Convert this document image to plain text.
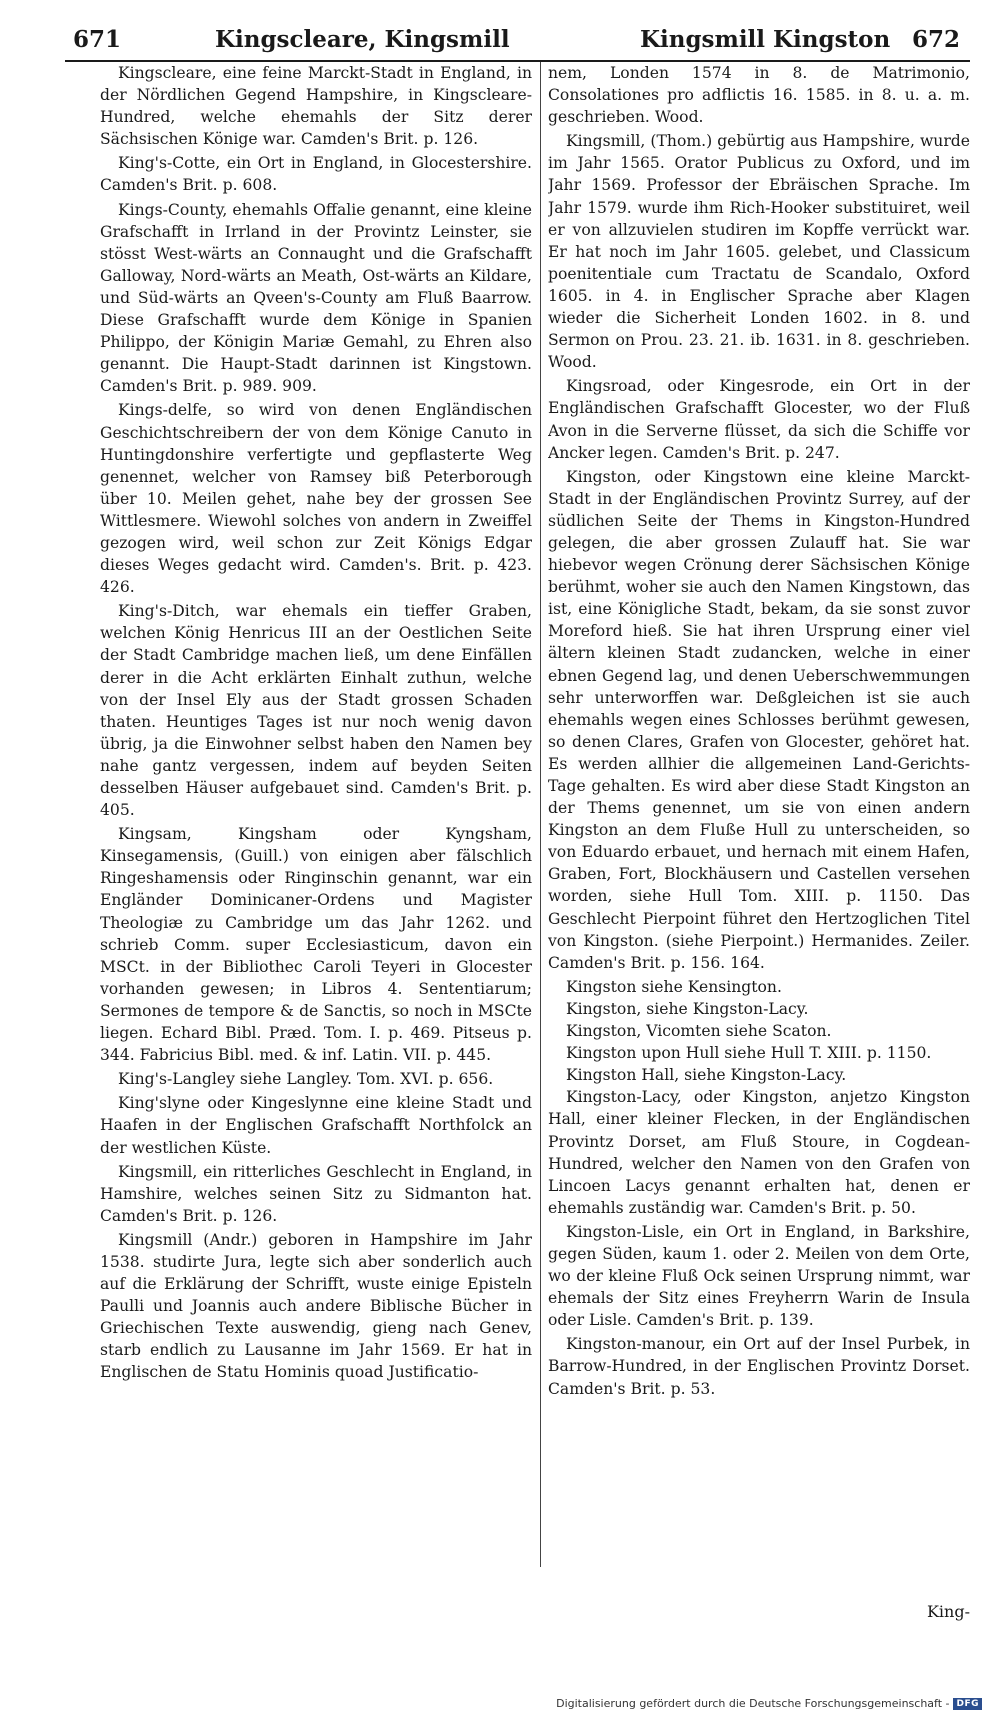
671	Kingscleare, Kingsmill	Kingsmill Kingston 672

Kingscleare, eine feine Marckt-Stadt in England, in der Nördlichen Gegend Hampshire, in Kingscleare-Hundred, welche ehemahls der Sitz derer Sächsischen Könige war. Camden's Brit. p. 126.

King's-Cotte, ein Ort in England, in Glocestershire. Camden's Brit. p. 608.

Kings-County, ehemahls Offalie genannt, eine kleine Grafschafft in Irrland in der Provintz Leinster, sie stösst West-wärts an Connaught und die Grafschafft Galloway, Nord-wärts an Meath, Ost-wärts an Kildare, und Süd-wärts an Qveen's-County am Fluß Baarrow. Diese Grafschafft wurde dem Könige in Spanien Philippo, der Königin Mariæ Gemahl, zu Ehren also genannt. Die Haupt-Stadt darinnen ist Kingstown. Camden's Brit. p. 989. 909.

Kings-delfe, so wird von denen Engländischen Geschichtschreibern der von dem Könige Canuto in Huntingdonshire verfertigte und gepflasterte Weg genennet, welcher von Ramsey biß Peterborough über 10. Meilen gehet, nahe bey der grossen See Wittlesmere. Wiewohl solches von andern in Zweiffel gezogen wird, weil schon zur Zeit Königs Edgar dieses Weges gedacht wird. Camden's. Brit. p. 423. 426.

King's-Ditch, war ehemals ein tieffer Graben, welchen König Henricus III an der Oestlichen Seite der Stadt Cambridge machen ließ, um dene Einfällen derer in die Acht erklärten Einhalt zuthun, welche von der Insel Ely aus der Stadt grossen Schaden thaten. Heuntiges Tages ist nur noch wenig davon übrig, ja die Einwohner selbst haben den Namen bey nahe gantz vergessen, indem auf beyden Seiten desselben Häuser aufgebauet sind. Camden's Brit. p. 405.

Kingsam, Kingsham oder Kyngsham, Kinsegamensis, (Guill.) von einigen aber fälschlich Ringeshamensis oder Ringinschin genannt, war ein Engländer Dominicaner-Ordens und Magister Theologiæ zu Cambridge um das Jahr 1262. und schrieb Comm. super Ecclesiasticum, davon ein MSCt. in der Bibliothec Caroli Teyeri in Glocester vorhanden gewesen; in Libros 4. Sententiarum; Sermones de tempore & de Sanctis, so noch in MSCte liegen. Echard Bibl. Præd. Tom. I. p. 469. Pitseus p. 344. Fabricius Bibl. med. & inf. Latin. VII. p. 445.

King's-Langley siehe Langley. Tom. XVI. p. 656.

King'slyne oder Kingeslynne eine kleine Stadt und Haafen in der Englischen Grafschafft Northfolck an der westlichen Küste.

Kingsmill, ein ritterliches Geschlecht in England, in Hamshire, welches seinen Sitz zu Sidmanton hat. Camden's Brit. p. 126.

Kingsmill (Andr.) geboren in Hampshire im Jahr 1538. studirte Jura, legte sich aber sonderlich auch auf die Erklärung der Schrifft, wuste einige Episteln Paulli und Joannis auch andere Biblische Bücher in Griechischen Texte auswendig, gieng nach Genev, starb endlich zu Lausanne im Jahr 1569. Er hat in Englischen de Statu Hominis quoad Justificatio-

nem, Londen 1574 in 8. de Matrimonio, Consolationes pro adflictis 16. 1585. in 8. u. a. m. geschrieben. Wood.

Kingsmill, (Thom.) gebürtig aus Hampshire, wurde im Jahr 1565. Orator Publicus zu Oxford, und im Jahr 1569. Professor der Ebräischen Sprache. Im Jahr 1579. wurde ihm Rich-Hooker substituiret, weil er von allzuvielen studiren im Kopffe verrückt war. Er hat noch im Jahr 1605. gelebet, und Classicum poenitentiale cum Tractatu de Scandalo, Oxford 1605. in 4. in Englischer Sprache aber Klagen wieder die Sicherheit Londen 1602. in 8. und Sermon on Prou. 23. 21. ib. 1631. in 8. geschrieben. Wood.

Kingsroad, oder Kingesrode, ein Ort in der Engländischen Grafschafft Glocester, wo der Fluß Avon in die Serverne flüsset, da sich die Schiffe vor Ancker legen. Camden's Brit. p. 247.

Kingston, oder Kingstown eine kleine Marckt-Stadt in der Engländischen Provintz Surrey, auf der südlichen Seite der Thems in Kingston-Hundred gelegen, die aber grossen Zulauff hat. Sie war hiebevor wegen Crönung derer Sächsischen Könige berühmt, woher sie auch den Namen Kingstown, das ist, eine Königliche Stadt, bekam, da sie sonst zuvor Moreford hieß. Sie hat ihren Ursprung einer viel ältern kleinen Stadt zudancken, welche in einer ebnen Gegend lag, und denen Ueberschwemmungen sehr unterworffen war. Deßgleichen ist sie auch ehemahls wegen eines Schlosses berühmt gewesen, so denen Clares, Grafen von Glocester, gehöret hat. Es werden allhier die allgemeinen Land-Gerichts-Tage gehalten. Es wird aber diese Stadt Kingston an der Thems genennet, um sie von einen andern Kingston an dem Fluße Hull zu unterscheiden, so von Eduardo erbauet, und hernach mit einem Hafen, Graben, Fort, Blockhäusern und Castellen versehen worden, siehe Hull Tom. XIII. p. 1150. Das Geschlecht Pierpoint führet den Hertzoglichen Titel von Kingston. (siehe Pierpoint.) Hermanides. Zeiler. Camden's Brit. p. 156. 164.

Kingston siehe Kensington.

Kingston, siehe Kingston-Lacy.

Kingston, Vicomten siehe Scaton.

Kingston upon Hull siehe Hull T. XIII. p. 1150.

Kingston Hall, siehe Kingston-Lacy.

Kingston-Lacy, oder Kingston, anjetzo Kingston Hall, einer kleiner Flecken, in der Engländischen Provintz Dorset, am Fluß Stoure, in Cogdean-Hundred, welcher den Namen von den Grafen von Lincoen Lacys genannt erhalten hat, denen er ehemahls zuständig war. Camden's Brit. p. 50.

Kingston-Lisle, ein Ort in England, in Barkshire, gegen Süden, kaum 1. oder 2. Meilen von dem Orte, wo der kleine Fluß Ock seinen Ursprung nimmt, war ehemals der Sitz eines Freyherrn Warin de Insula oder Lisle. Camden's Brit. p. 139.

Kingston-manour, ein Ort auf der Insel Purbek, in Barrow-Hundred, in der Englischen Provintz Dorset. Camden's Brit. p. 53.

King-
Digitalisierung gefördert durch die Deutsche Forschungsgemeinschaft - DFG
